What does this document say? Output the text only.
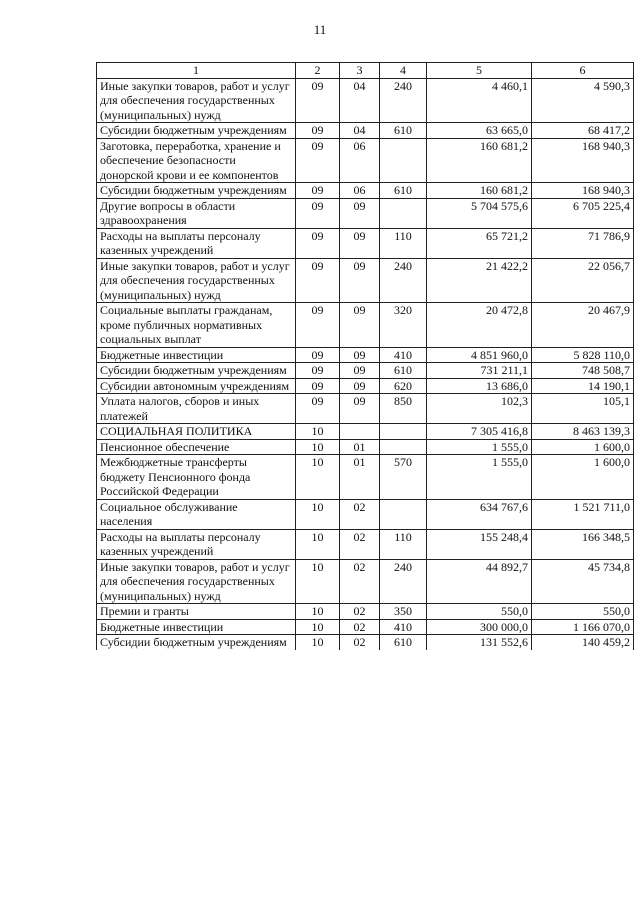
11
1	2	3	4	5	6
Иные закупки товаров, работ и услуг для обеспечения государственных (муниципальных) нужд	09	04	240	4 460,1	4 590,3
Субсидии бюджетным учреждениям	09	04	610	63 665,0	68 417,2
Заготовка, переработка, хранение и обеспечение безопасности донорской крови и ее компонентов	09	06		160 681,2	168 940,3
Субсидии бюджетным учреждениям	09	06	610	160 681,2	168 940,3
Другие вопросы в области здравоохранения	09	09		5 704 575,6	6 705 225,4
Расходы на выплаты персоналу казенных учреждений	09	09	110	65 721,2	71 786,9
Иные закупки товаров, работ и услуг для обеспечения государственных (муниципальных) нужд	09	09	240	21 422,2	22 056,7
Социальные выплаты гражданам, кроме публичных нормативных социальных выплат	09	09	320	20 472,8	20 467,9
Бюджетные инвестиции	09	09	410	4 851 960,0	5 828 110,0
Субсидии бюджетным учреждениям	09	09	610	731 211,1	748 508,7
Субсидии автономным учреждениям	09	09	620	13 686,0	14 190,1
Уплата налогов, сборов и иных платежей	09	09	850	102,3	105,1
СОЦИАЛЬНАЯ ПОЛИТИКА	10			7 305 416,8	8 463 139,3
Пенсионное обеспечение	10	01		1 555,0	1 600,0
Межбюджетные трансферты бюджету Пенсионного фонда Российской Федерации	10	01	570	1 555,0	1 600,0
Социальное обслуживание населения	10	02		634 767,6	1 521 711,0
Расходы на выплаты персоналу казенных учреждений	10	02	110	155 248,4	166 348,5
Иные закупки товаров, работ и услуг для обеспечения государственных (муниципальных) нужд	10	02	240	44 892,7	45 734,8
Премии и гранты	10	02	350	550,0	550,0
Бюджетные инвестиции	10	02	410	300 000,0	1 166 070,0
Субсидии бюджетным учреждениям	10	02	610	131 552,6	140 459,2
